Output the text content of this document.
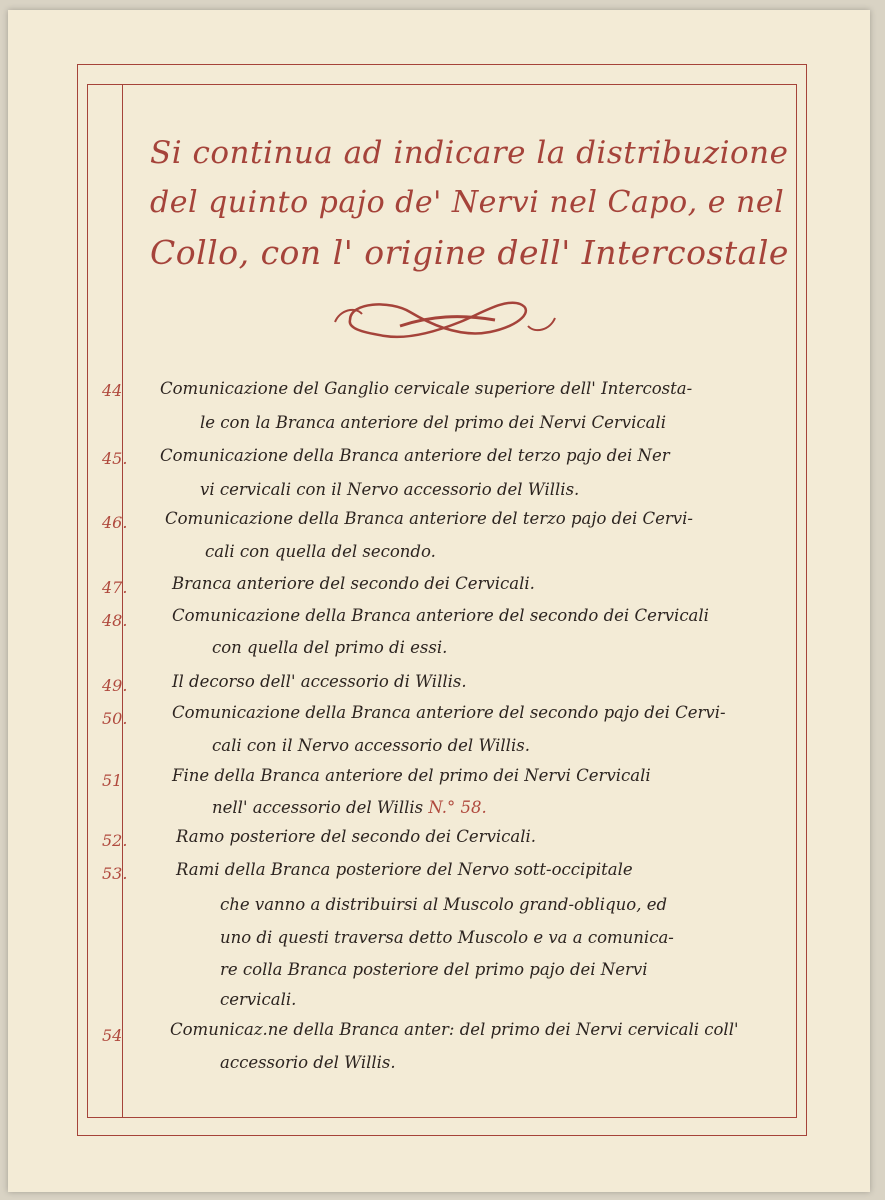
Si continua ad indicare la distribuzione
del quinto pajo de' Nervi nel Capo, e nel
Collo, con l' origine dell' Intercostale
44	Comunicazione del Ganglio cervicale superiore dell' Intercosta-
le con la Branca anteriore del primo dei Nervi Cervicali
45.	Comunicazione della Branca anteriore del terzo pajo dei Ner
vi cervicali con il Nervo accessorio del Willis.
46.	Comunicazione della Branca anteriore del terzo pajo dei Cervi-
cali con quella del secondo.
47.	Branca anteriore del secondo dei Cervicali.
48.	Comunicazione della Branca anteriore del secondo dei Cervicali
con quella del primo di essi.
49.	Il decorso dell' accessorio di Willis.
50.	Comunicazione della Branca anteriore del secondo pajo dei Cervi-
cali con il Nervo accessorio del Willis.
51	Fine della Branca anteriore del primo dei Nervi Cervicali
nell' accessorio del Willis N.° 58.
52.	Ramo posteriore del secondo dei Cervicali.
53.	Rami della Branca posteriore del Nervo sott-occipitale
che vanno a distribuirsi al Muscolo grand-obliquo, ed
uno di questi traversa detto Muscolo e va a comunica-
re colla Branca posteriore del primo pajo dei Nervi
cervicali.
54	Comunicaz.ne della Branca anter: del primo dei Nervi cervicali coll'
accessorio del Willis.
